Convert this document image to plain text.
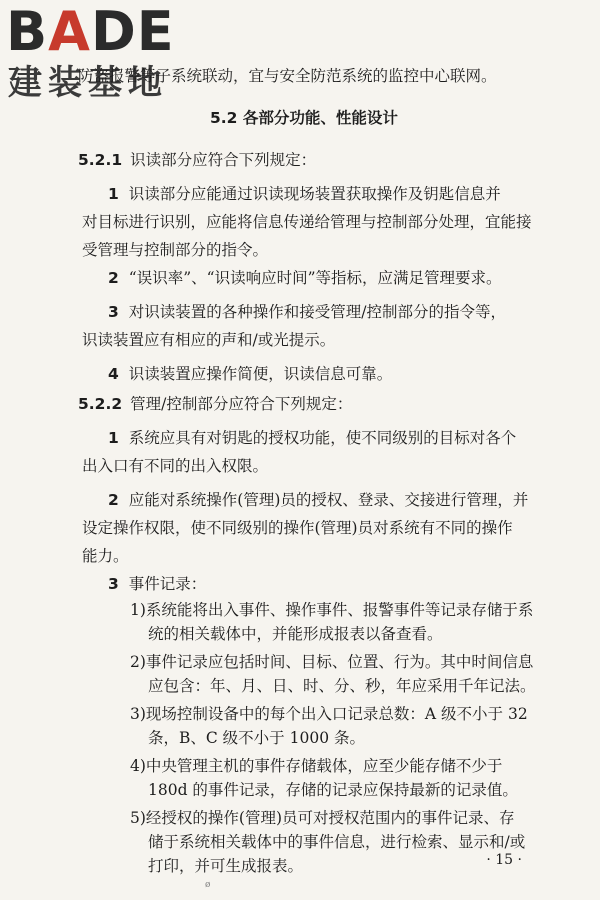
BADE
建装基地
防盗报警等子系统联动，宜与安全防范系统的监控中心联网。
5.2 各部分功能、性能设计
5.2.1 识读部分应符合下列规定：
1 识读部分应能通过识读现场装置获取操作及钥匙信息并
对目标进行识别，应能将信息传递给管理与控制部分处理，宜能接
受管理与控制部分的指令。
2 “误识率”、“识读响应时间”等指标，应满足管理要求。
3 对识读装置的各种操作和接受管理/控制部分的指令等，
识读装置应有相应的声和/或光提示。
4 识读装置应操作简便，识读信息可靠。
5.2.2 管理/控制部分应符合下列规定：
1 系统应具有对钥匙的授权功能，使不同级别的目标对各个
出入口有不同的出入权限。
2 应能对系统操作(管理)员的授权、登录、交接进行管理，并
设定操作权限，使不同级别的操作(管理)员对系统有不同的操作
能力。
3 事件记录：
1)系统能将出入事件、操作事件、报警事件等记录存储于系
统的相关载体中，并能形成报表以备查看。
2)事件记录应包括时间、目标、位置、行为。其中时间信息
应包含：年、月、日、时、分、秒，年应采用千年记法。
3)现场控制设备中的每个出入口记录总数：A 级不小于 32
条，B、C 级不小于 1000 条。
4)中央管理主机的事件存储载体，应至少能存储不少于
180d 的事件记录，存储的记录应保持最新的记录值。
5)经授权的操作(管理)员可对授权范围内的事件记录、存
· 15 ·
ø
储于系统相关载体中的事件信息，进行检索、显示和/或
打印，并可生成报表。
